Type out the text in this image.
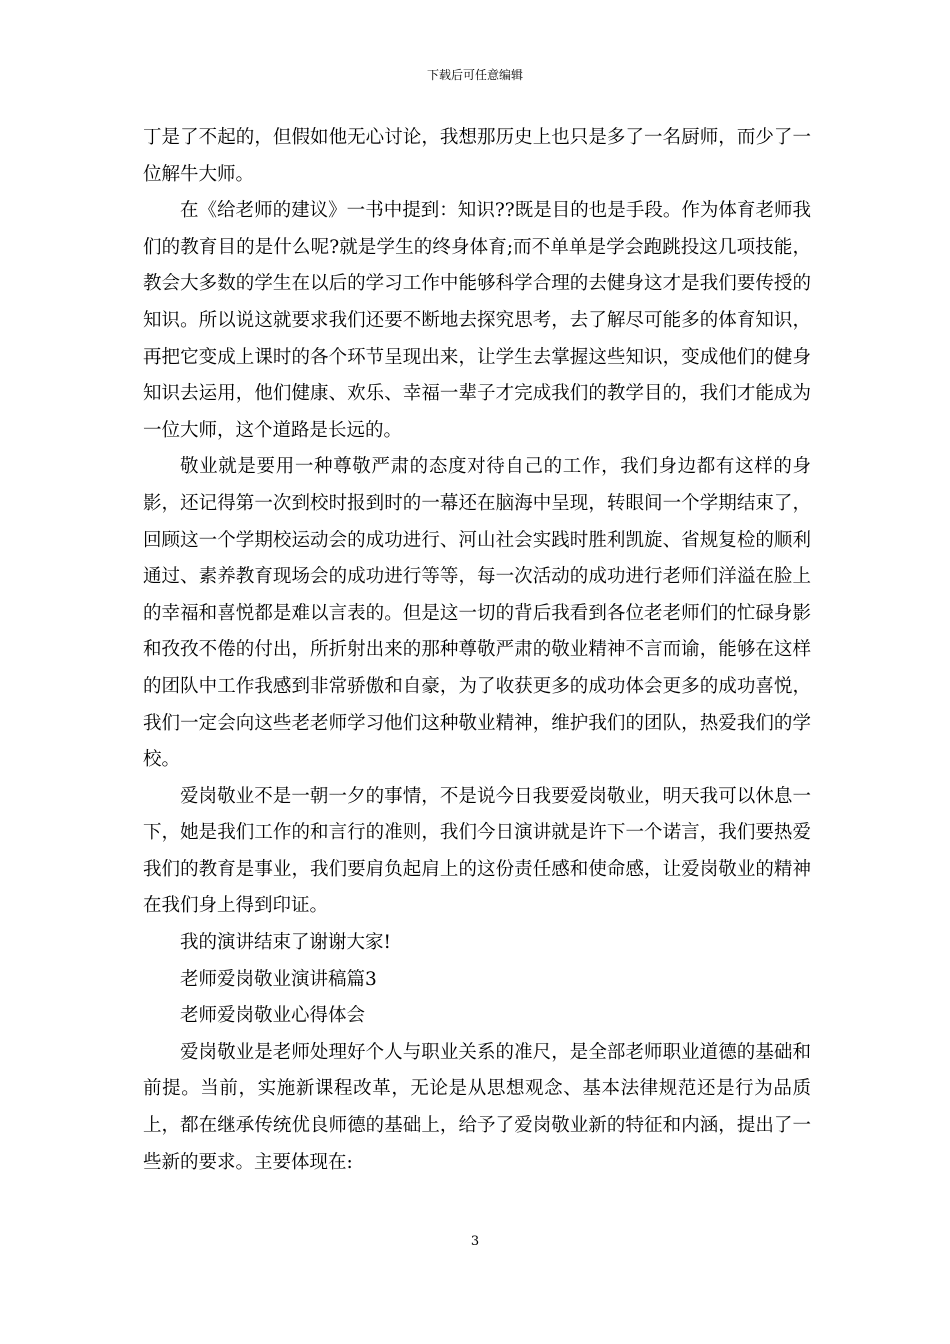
下载后可任意编辑

丁是了不起的，但假如他无心讨论，我想那历史上也只是多了一名厨师，而少了一位解牛大师。

在《给老师的建议》一书中提到：知识??既是目的也是手段。作为体育老师我们的教育目的是什么呢?就是学生的终身体育;而不单单是学会跑跳投这几项技能，教会大多数的学生在以后的学习工作中能够科学合理的去健身这才是我们要传授的知识。所以说这就要求我们还要不断地去探究思考，去了解尽可能多的体育知识，再把它变成上课时的各个环节呈现出来，让学生去掌握这些知识，变成他们的健身知识去运用，他们健康、欢乐、幸福一辈子才完成我们的教学目的，我们才能成为一位大师，这个道路是长远的。

敬业就是要用一种尊敬严肃的态度对待自己的工作，我们身边都有这样的身影，还记得第一次到校时报到时的一幕还在脑海中呈现，转眼间一个学期结束了，回顾这一个学期校运动会的成功进行、河山社会实践时胜利凯旋、省规复检的顺利通过、素养教育现场会的成功进行等等，每一次活动的成功进行老师们洋溢在脸上的幸福和喜悦都是难以言表的。但是这一切的背后我看到各位老老师们的忙碌身影和孜孜不倦的付出，所折射出来的那种尊敬严肃的敬业精神不言而谕，能够在这样的团队中工作我感到非常骄傲和自豪，为了收获更多的成功体会更多的成功喜悦，我们一定会向这些老老师学习他们这种敬业精神，维护我们的团队，热爱我们的学校。

爱岗敬业不是一朝一夕的事情，不是说今日我要爱岗敬业，明天我可以休息一下，她是我们工作的和言行的准则，我们今日演讲就是许下一个诺言，我们要热爱我们的教育是事业，我们要肩负起肩上的这份责任感和使命感，让爱岗敬业的精神在我们身上得到印证。

我的演讲结束了谢谢大家!

老师爱岗敬业演讲稿篇3

老师爱岗敬业心得体会

爱岗敬业是老师处理好个人与职业关系的准尺，是全部老师职业道德的基础和前提。当前，实施新课程改革，无论是从思想观念、基本法律规范还是行为品质上，都在继承传统优良师德的基础上，给予了爱岗敬业新的特征和内涵，提出了一些新的要求。主要体现在:

3
